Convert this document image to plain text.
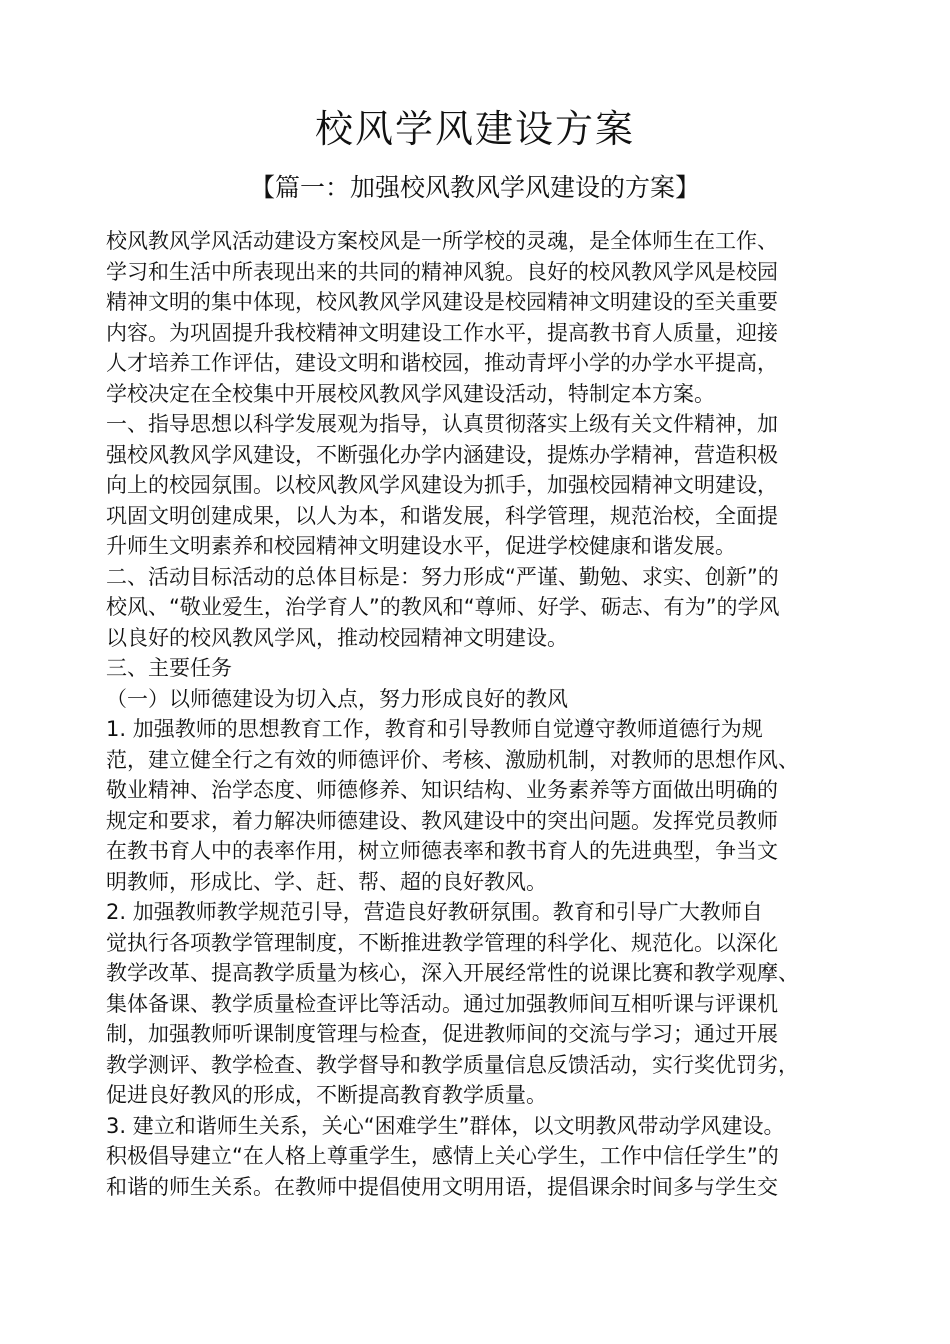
校风学风建设方案
【篇一：加强校风教风学风建设的方案】
校风教风学风活动建设方案校风是一所学校的灵魂，是全体师生在工作、
学习和生活中所表现出来的共同的精神风貌。良好的校风教风学风是校园
精神文明的集中体现，校风教风学风建设是校园精神文明建设的至关重要
内容。为巩固提升我校精神文明建设工作水平，提高教书育人质量，迎接
人才培养工作评估，建设文明和谐校园，推动青坪小学的办学水平提高，
学校决定在全校集中开展校风教风学风建设活动，特制定本方案。
一、指导思想以科学发展观为指导，认真贯彻落实上级有关文件精神，加
强校风教风学风建设，不断强化办学内涵建设，提炼办学精神，营造积极
向上的校园氛围。以校风教风学风建设为抓手，加强校园精神文明建设，
巩固文明创建成果，以人为本，和谐发展，科学管理，规范治校，全面提
升师生文明素养和校园精神文明建设水平，促进学校健康和谐发展。
二、活动目标活动的总体目标是：努力形成“严谨、勤勉、求实、创新”的
校风、“敬业爱生，治学育人”的教风和“尊师、好学、砺志、有为”的学风
以良好的校风教风学风，推动校园精神文明建设。
三、主要任务
（一）以师德建设为切入点，努力形成良好的教风
1. 加强教师的思想教育工作，教育和引导教师自觉遵守教师道德行为规
范，建立健全行之有效的师德评价、考核、激励机制，对教师的思想作风、
敬业精神、治学态度、师德修养、知识结构、业务素养等方面做出明确的
规定和要求，着力解决师德建设、教风建设中的突出问题。发挥党员教师
在教书育人中的表率作用，树立师德表率和教书育人的先进典型，争当文
明教师，形成比、学、赶、帮、超的良好教风。
2. 加强教师教学规范引导，营造良好教研氛围。教育和引导广大教师自
觉执行各项教学管理制度，不断推进教学管理的科学化、规范化。以深化
教学改革、提高教学质量为核心，深入开展经常性的说课比赛和教学观摩、
集体备课、教学质量检查评比等活动。通过加强教师间互相听课与评课机
制，加强教师听课制度管理与检查，促进教师间的交流与学习；通过开展
教学测评、教学检查、教学督导和教学质量信息反馈活动，实行奖优罚劣，
促进良好教风的形成，不断提高教育教学质量。
3. 建立和谐师生关系，关心“困难学生”群体，以文明教风带动学风建设。
积极倡导建立“在人格上尊重学生，感情上关心学生，工作中信任学生”的
和谐的师生关系。在教师中提倡使用文明用语，提倡课余时间多与学生交
